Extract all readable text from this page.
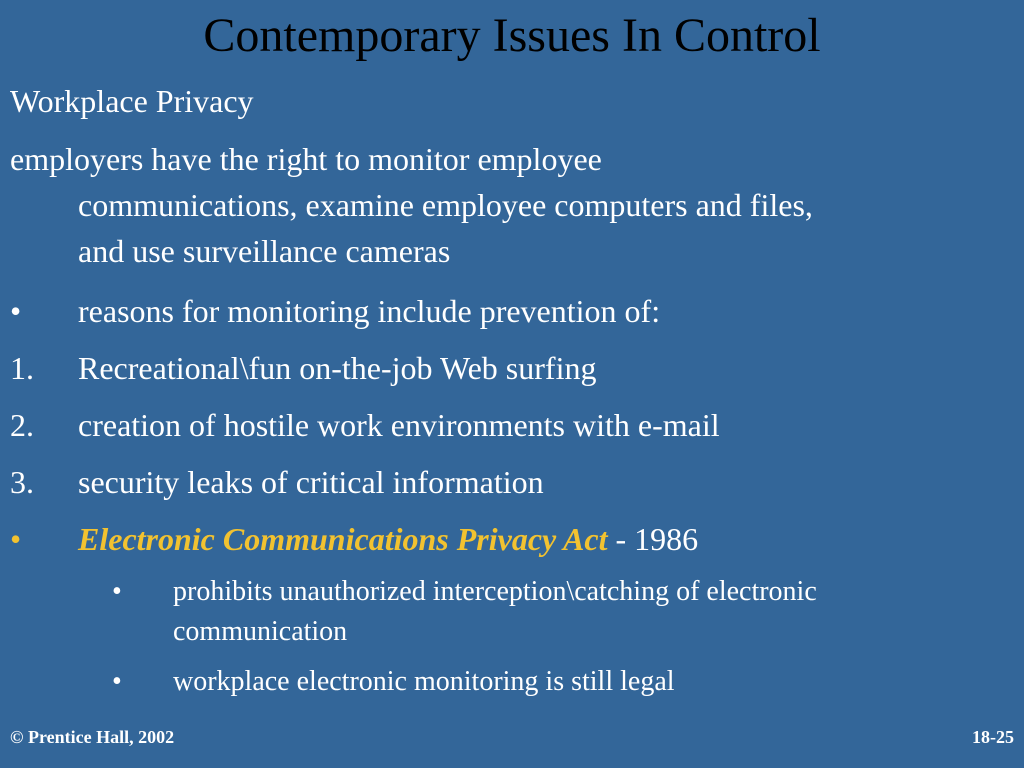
Contemporary Issues In Control
Workplace Privacy
employers have the right to monitor employee
communications, examine employee computers and files,
and use surveillance cameras
• reasons for monitoring include prevention of:
1. Recreational\fun on-the-job Web surfing
2. creation of hostile work environments with e-mail
3. security leaks of critical information
• Electronic Communications Privacy Act - 1986
• prohibits unauthorized interception\catching of electronic
communication
• workplace electronic monitoring is still legal
© Prentice Hall, 2002	18-25
